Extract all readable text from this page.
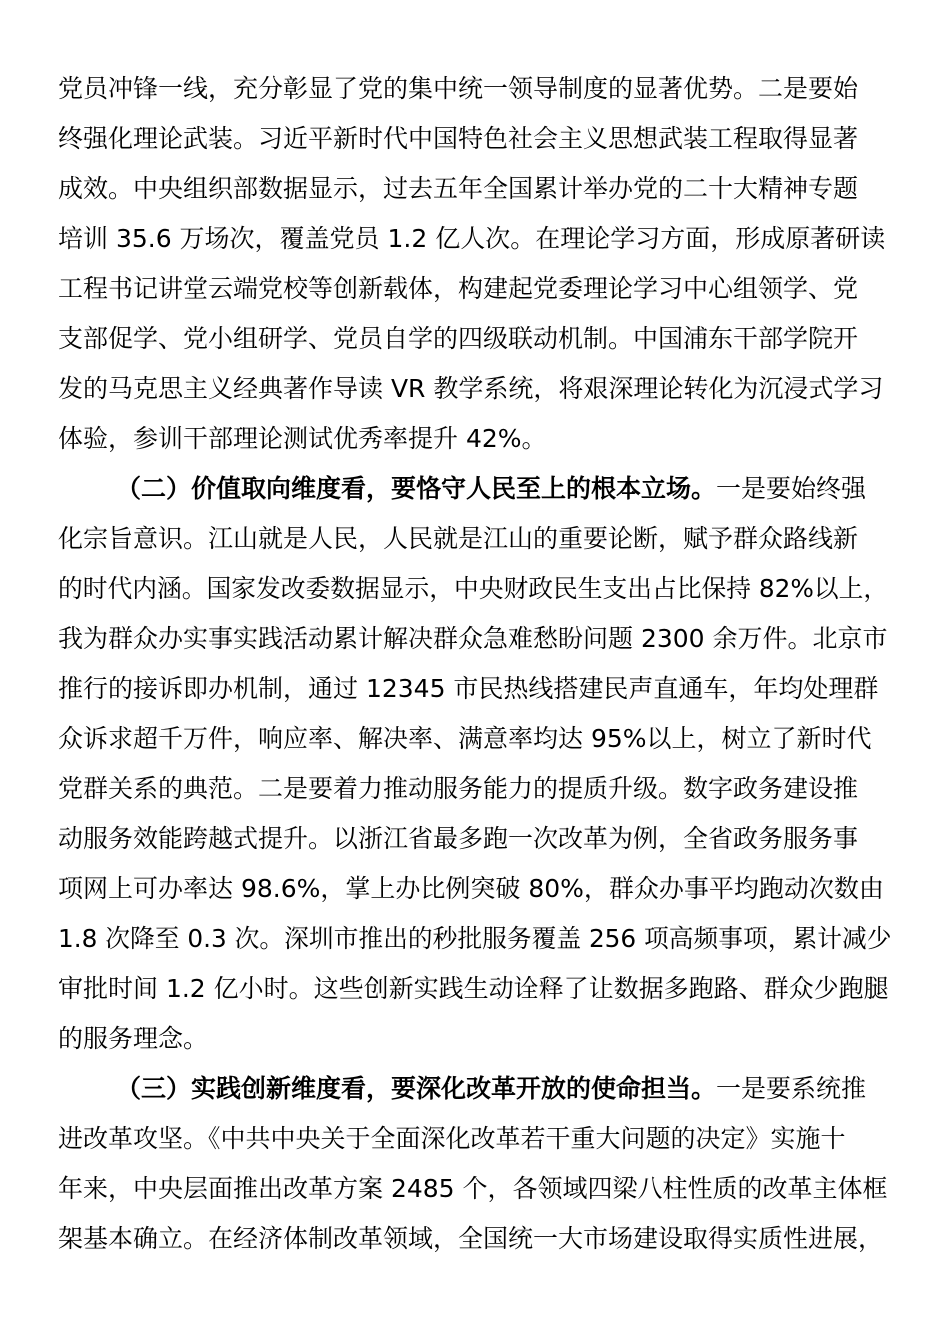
党员冲锋一线，充分彰显了党的集中统一领导制度的显著优势。二是要始
终强化理论武装。习近平新时代中国特色社会主义思想武装工程取得显著
成效。中央组织部数据显示，过去五年全国累计举办党的二十大精神专题
培训 35.6 万场次，覆盖党员 1.2 亿人次。在理论学习方面，形成原著研读
工程书记讲堂云端党校等创新载体，构建起党委理论学习中心组领学、党
支部促学、党小组研学、党员自学的四级联动机制。中国浦东干部学院开
发的马克思主义经典著作导读 VR 教学系统，将艰深理论转化为沉浸式学习
体验，参训干部理论测试优秀率提升 42%。
（二）价值取向维度看，要恪守人民至上的根本立场。一是要始终强
化宗旨意识。江山就是人民，人民就是江山的重要论断，赋予群众路线新
的时代内涵。国家发改委数据显示，中央财政民生支出占比保持 82%以上，
我为群众办实事实践活动累计解决群众急难愁盼问题 2300 余万件。北京市
推行的接诉即办机制，通过 12345 市民热线搭建民声直通车，年均处理群
众诉求超千万件，响应率、解决率、满意率均达 95%以上，树立了新时代
党群关系的典范。二是要着力推动服务能力的提质升级。数字政务建设推
动服务效能跨越式提升。以浙江省最多跑一次改革为例，全省政务服务事
项网上可办率达 98.6%，掌上办比例突破 80%，群众办事平均跑动次数由
1.8 次降至 0.3 次。深圳市推出的秒批服务覆盖 256 项高频事项，累计减少
审批时间 1.2 亿小时。这些创新实践生动诠释了让数据多跑路、群众少跑腿
的服务理念。
（三）实践创新维度看，要深化改革开放的使命担当。一是要系统推
进改革攻坚。《中共中央关于全面深化改革若干重大问题的决定》实施十
年来，中央层面推出改革方案 2485 个，各领域四梁八柱性质的改革主体框
架基本确立。在经济体制改革领域，全国统一大市场建设取得实质性进展，
